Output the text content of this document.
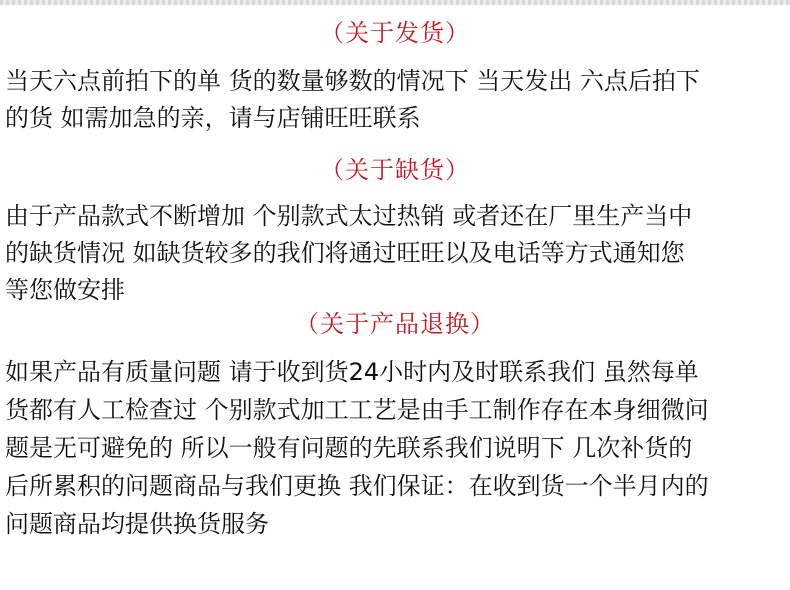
（关于发货）
当天六点前拍下的单 货的数量够数的情况下 当天发出 六点后拍下
的货 如需加急的亲，请与店铺旺旺联系
（关于缺货）
由于产品款式不断增加 个别款式太过热销 或者还在厂里生产当中
的缺货情况 如缺货较多的我们将通过旺旺以及电话等方式通知您
等您做安排
（关于产品退换）
如果产品有质量问题 请于收到货24小时内及时联系我们 虽然每单
货都有人工检查过 个别款式加工工艺是由手工制作存在本身细微问
题是无可避免的 所以一般有问题的先联系我们说明下 几次补货的
后所累积的问题商品与我们更换 我们保证：在收到货一个半月内的
问题商品均提供换货服务
